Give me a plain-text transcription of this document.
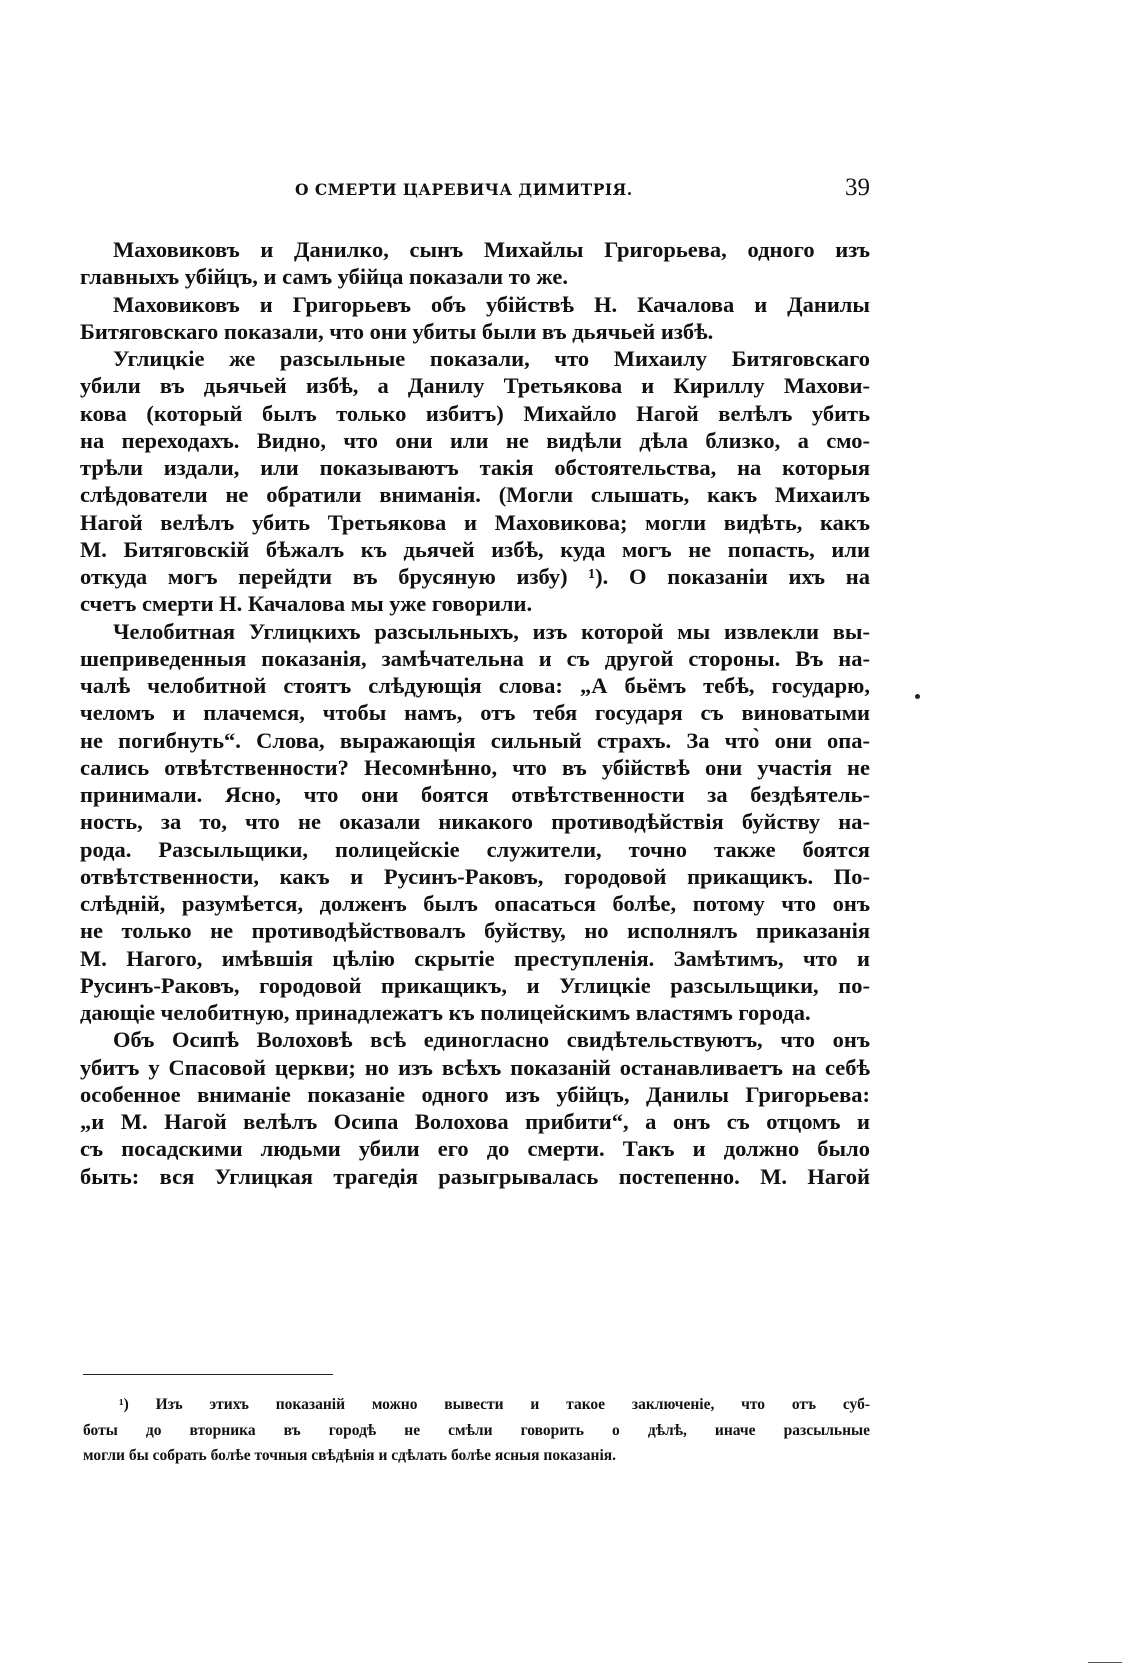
О СМЕРТИ ЦАРЕВИЧА ДИМИТРІЯ.	39
Маховиковъ и Данилко, сынъ Михайлы Григорьева, одного изъ
главныхъ убійцъ, и самъ убійца показали то же.
Маховиковъ и Григорьевъ объ убійствѣ Н. Качалова и Данилы
Битяговскаго показали, что они убиты были въ дьячьей избѣ.
Углицкіе же разсыльные показали, что Михаилу Битяговскаго
убили въ дьячьей избѣ, а Данилу Третьякова и Кириллу Махови-
кова (который былъ только избитъ) Михайло Нагой велѣлъ убить
на переходахъ. Видно, что они или не видѣли дѣла близко, а смо-
трѣли издали, или показываютъ такія обстоятельства, на которыя
слѣдователи не обратили вниманія. (Могли слышать, какъ Михаилъ
Нагой велѣлъ убить Третьякова и Маховикова; могли видѣть, какъ
М. Битяговскій бѣжалъ къ дьячей избѣ, куда могъ не попасть, или
откуда могъ перейдти въ брусяную избу) ¹). О показаніи ихъ на
счетъ смерти Н. Качалова мы уже говорили.
Челобитная Углицкихъ разсыльныхъ, изъ которой мы извлекли вы-
шеприведенныя показанія, замѣчательна и съ другой стороны. Въ на-
чалѣ челобитной стоятъ слѣдующія слова: „А бьёмъ тебѣ, государю,
челомъ и плачемся, чтобы намъ, отъ тебя государя съ виноватыми
не погибнуть“. Слова, выражающія сильный страхъ. За что̀ они опа-
сались отвѣтственности? Несомнѣнно, что въ убійствѣ они участія не
принимали. Ясно, что они боятся отвѣтственности за бездѣятель-
ность, за то, что не оказали никакого противодѣйствія буйству на-
рода. Разсыльщики, полицейскіе служители, точно также боятся
отвѣтственности, какъ и Русинъ-Раковъ, городовой прикащикъ. По-
слѣдній, разумѣется, долженъ былъ опасаться болѣе, потому что онъ
не только не противодѣйствовалъ буйству, но исполнялъ приказанія
М. Нагого, имѣвшія цѣлію скрытіе преступленія. Замѣтимъ, что и
Русинъ-Раковъ, городовой прикащикъ, и Углицкіе разсыльщики, по-
дающіе челобитную, принадлежатъ къ полицейскимъ властямъ города.
Объ Осипѣ Волоховѣ всѣ единогласно свидѣтельствуютъ, что онъ
убитъ у Спасовой церкви; но изъ всѣхъ показаній останавливаетъ на себѣ
особенное вниманіе показаніе одного изъ убійцъ, Данилы Григорьева:
„и М. Нагой велѣлъ Осипа Волохова прибити“, а онъ съ отцомъ и
съ посадскими людьми убили его до смерти. Такъ и должно было
быть: вся Углицкая трагедія разыгрывалась постепенно. М. Нагой
¹) Изъ этихъ показаній можно вывести и такое заключеніе, что отъ суб-
боты до вторника въ городѣ не смѣли говорить о дѣлѣ, иначе разсыльные
могли бы собрать болѣе точныя свѣдѣнія и сдѣлать болѣе ясныя показанія.
